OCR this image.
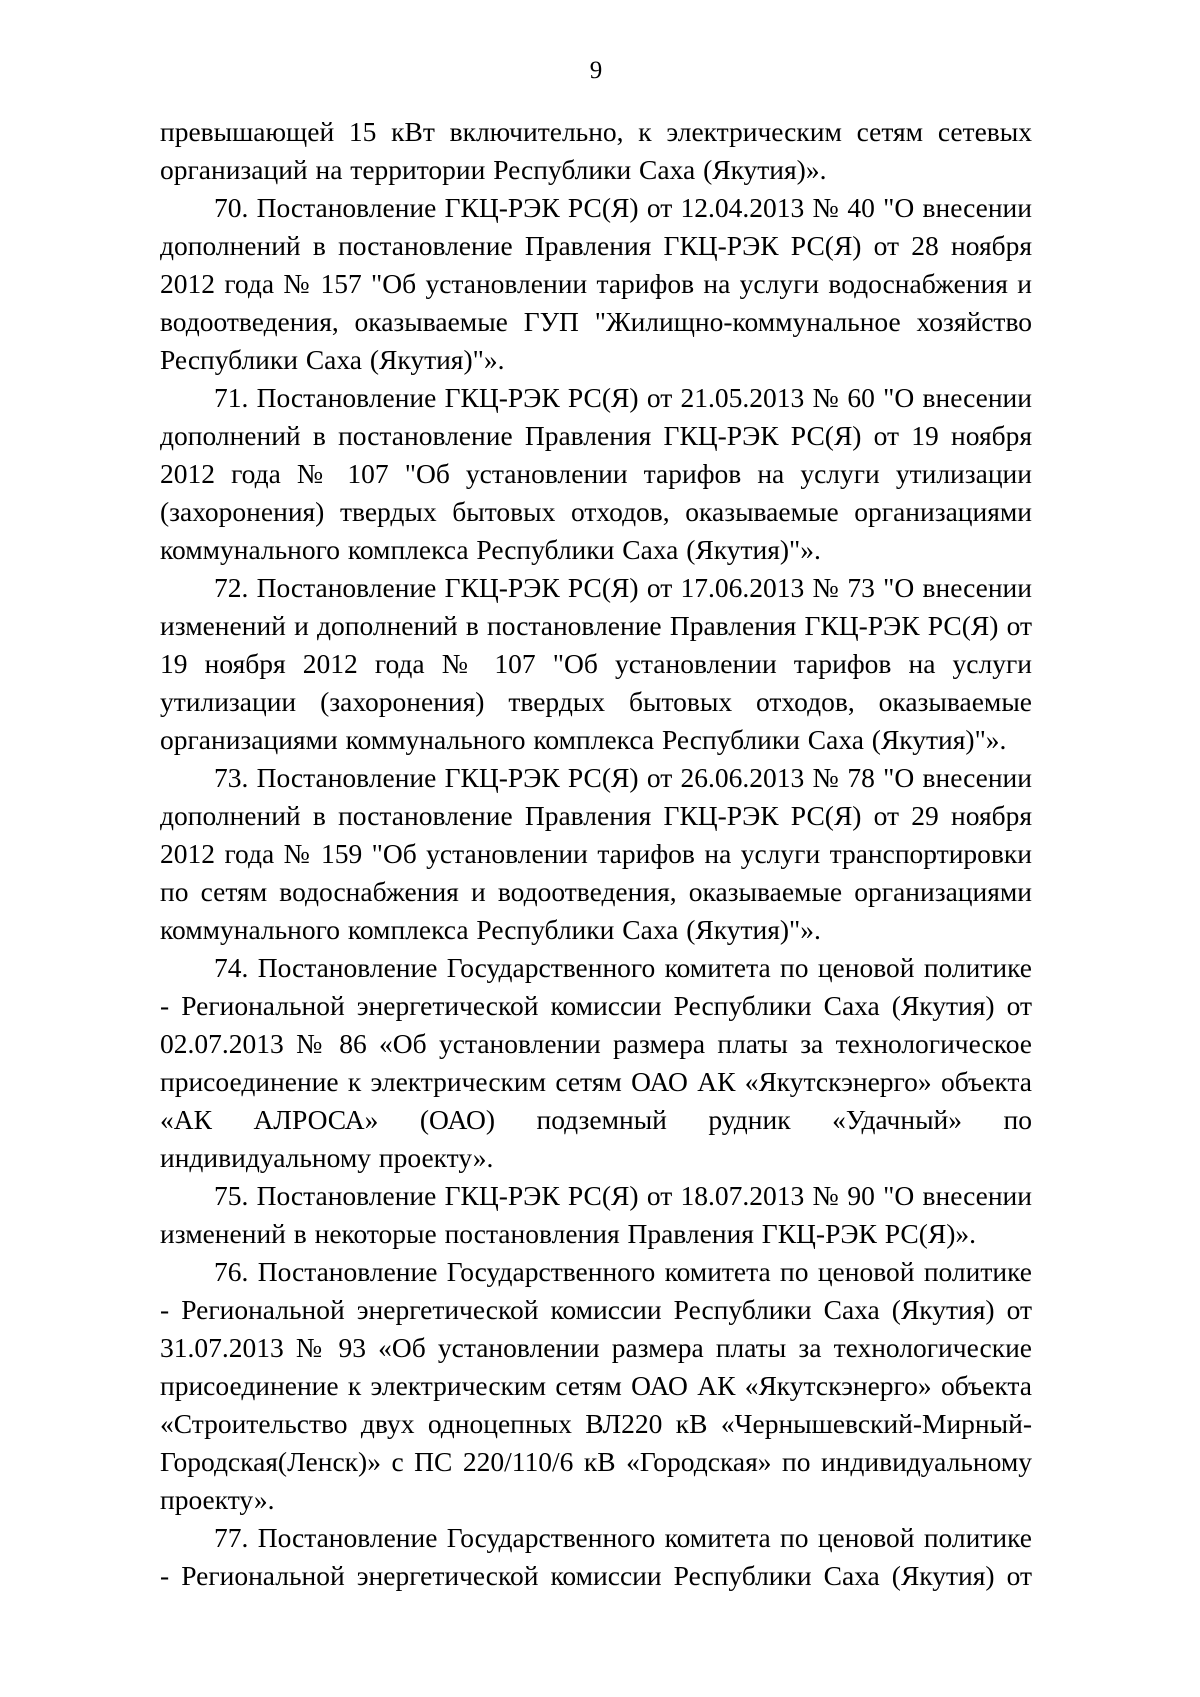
9

превышающей 15 кВт включительно, к электрическим сетям сетевых организаций на территории Республики Саха (Якутия)».

70. Постановление ГКЦ-РЭК РС(Я) от 12.04.2013 № 40 "О внесении дополнений в постановление Правления ГКЦ-РЭК РС(Я) от 28 ноября 2012 года № 157 "Об установлении тарифов на услуги водоснабжения и водоотведения, оказываемые ГУП "Жилищно-коммунальное хозяйство Республики Саха (Якутия)"».

71. Постановление ГКЦ-РЭК РС(Я) от 21.05.2013 № 60 "О внесении дополнений в постановление Правления ГКЦ-РЭК РС(Я) от 19 ноября 2012 года № 107 "Об установлении тарифов на услуги утилизации (захоронения) твердых бытовых отходов, оказываемые организациями коммунального комплекса Республики Саха (Якутия)"».

72. Постановление ГКЦ-РЭК РС(Я) от 17.06.2013 № 73 "О внесении изменений и дополнений в постановление Правления ГКЦ-РЭК РС(Я) от 19 ноября 2012 года № 107 "Об установлении тарифов на услуги утилизации (захоронения) твердых бытовых отходов, оказываемые организациями коммунального комплекса Республики Саха (Якутия)"».

73. Постановление ГКЦ-РЭК РС(Я) от 26.06.2013 № 78 "О внесении дополнений в постановление Правления ГКЦ-РЭК РС(Я) от 29 ноября 2012 года № 159 "Об установлении тарифов на услуги транспортировки по сетям водоснабжения и водоотведения, оказываемые организациями коммунального комплекса Республики Саха (Якутия)"».

74. Постановление Государственного комитета по ценовой политике - Региональной энергетической комиссии Республики Саха (Якутия) от 02.07.2013 № 86 «Об установлении размера платы за технологическое присоединение к электрическим сетям ОАО АК «Якутскэнерго» объекта «АК АЛРОСА» (ОАО) подземный рудник «Удачный» по индивидуальному проекту».

75. Постановление ГКЦ-РЭК РС(Я) от 18.07.2013 № 90 "О внесении изменений в некоторые постановления Правления ГКЦ-РЭК РС(Я)».

76. Постановление Государственного комитета по ценовой политике - Региональной энергетической комиссии Республики Саха (Якутия) от 31.07.2013 № 93 «Об установлении размера платы за технологические присоединение к электрическим сетям ОАО АК «Якутскэнерго» объекта «Строительство двух одноцепных ВЛ220 кВ «Чернышевский-Мирный-Городская(Ленск)» с ПС 220/110/6 кВ «Городская» по индивидуальному проекту».

77. Постановление Государственного комитета по ценовой политике - Региональной энергетической комиссии Республики Саха (Якутия) от
